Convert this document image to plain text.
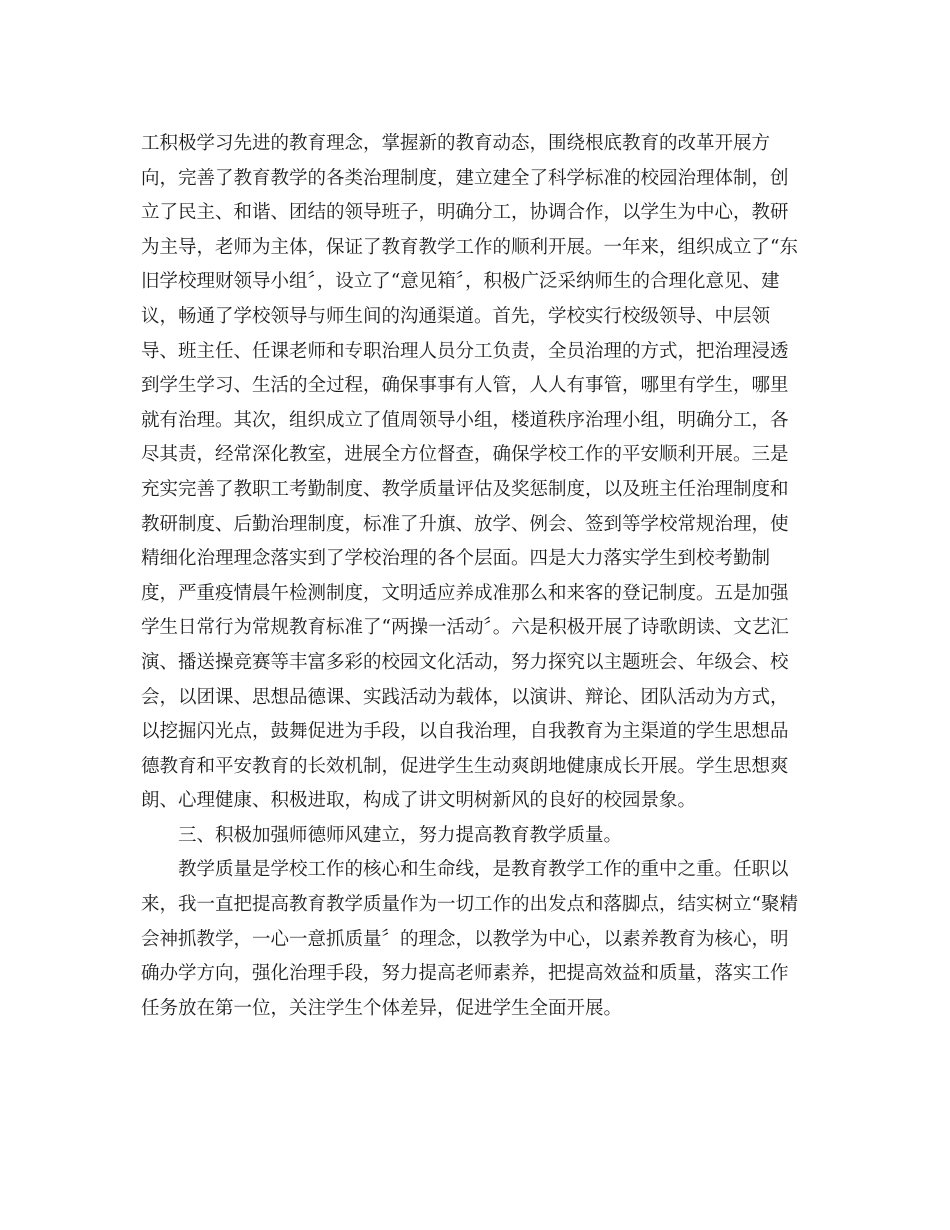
工积极学习先进的教育理念，掌握新的教育动态，围绕根底教育的改革开展方
向，完善了教育教学的各类治理制度，建立建全了科学标准的校园治理体制，创
立了民主、和谐、团结的领导班子，明确分工，协调合作，以学生为中心，教研
为主导，老师为主体，保证了教育教学工作的顺利开展。一年来，组织成立了“东
旧学校理财领导小组〞，设立了“意见箱〞，积极广泛采纳师生的合理化意见、建
议，畅通了学校领导与师生间的沟通渠道。首先，学校实行校级领导、中层领
导、班主任、任课老师和专职治理人员分工负责，全员治理的方式，把治理浸透
到学生学习、生活的全过程，确保事事有人管，人人有事管，哪里有学生，哪里
就有治理。其次，组织成立了值周领导小组，楼道秩序治理小组，明确分工，各
尽其责，经常深化教室，进展全方位督查，确保学校工作的平安顺利开展。三是
充实完善了教职工考勤制度、教学质量评估及奖惩制度，以及班主任治理制度和
教研制度、后勤治理制度，标准了升旗、放学、例会、签到等学校常规治理，使
精细化治理理念落实到了学校治理的各个层面。四是大力落实学生到校考勤制
度，严重疫情晨午检测制度，文明适应养成准那么和来客的登记制度。五是加强
学生日常行为常规教育标准了“两操一活动〞。六是积极开展了诗歌朗读、文艺汇
演、播送操竞赛等丰富多彩的校园文化活动，努力探究以主题班会、年级会、校
会，以团课、思想品德课、实践活动为载体，以演讲、辩论、团队活动为方式，
以挖掘闪光点，鼓舞促进为手段，以自我治理，自我教育为主渠道的学生思想品
德教育和平安教育的长效机制，促进学生生动爽朗地健康成长开展。学生思想爽
朗、心理健康、积极进取，构成了讲文明树新风的良好的校园景象。
三、积极加强师德师风建立，努力提高教育教学质量。
教学质量是学校工作的核心和生命线，是教育教学工作的重中之重。任职以
来，我一直把提高教育教学质量作为一切工作的出发点和落脚点，结实树立“聚精
会神抓教学，一心一意抓质量〞的理念，以教学为中心，以素养教育为核心，明
确办学方向，强化治理手段，努力提高老师素养，把提高效益和质量，落实工作
任务放在第一位，关注学生个体差异，促进学生全面开展。
